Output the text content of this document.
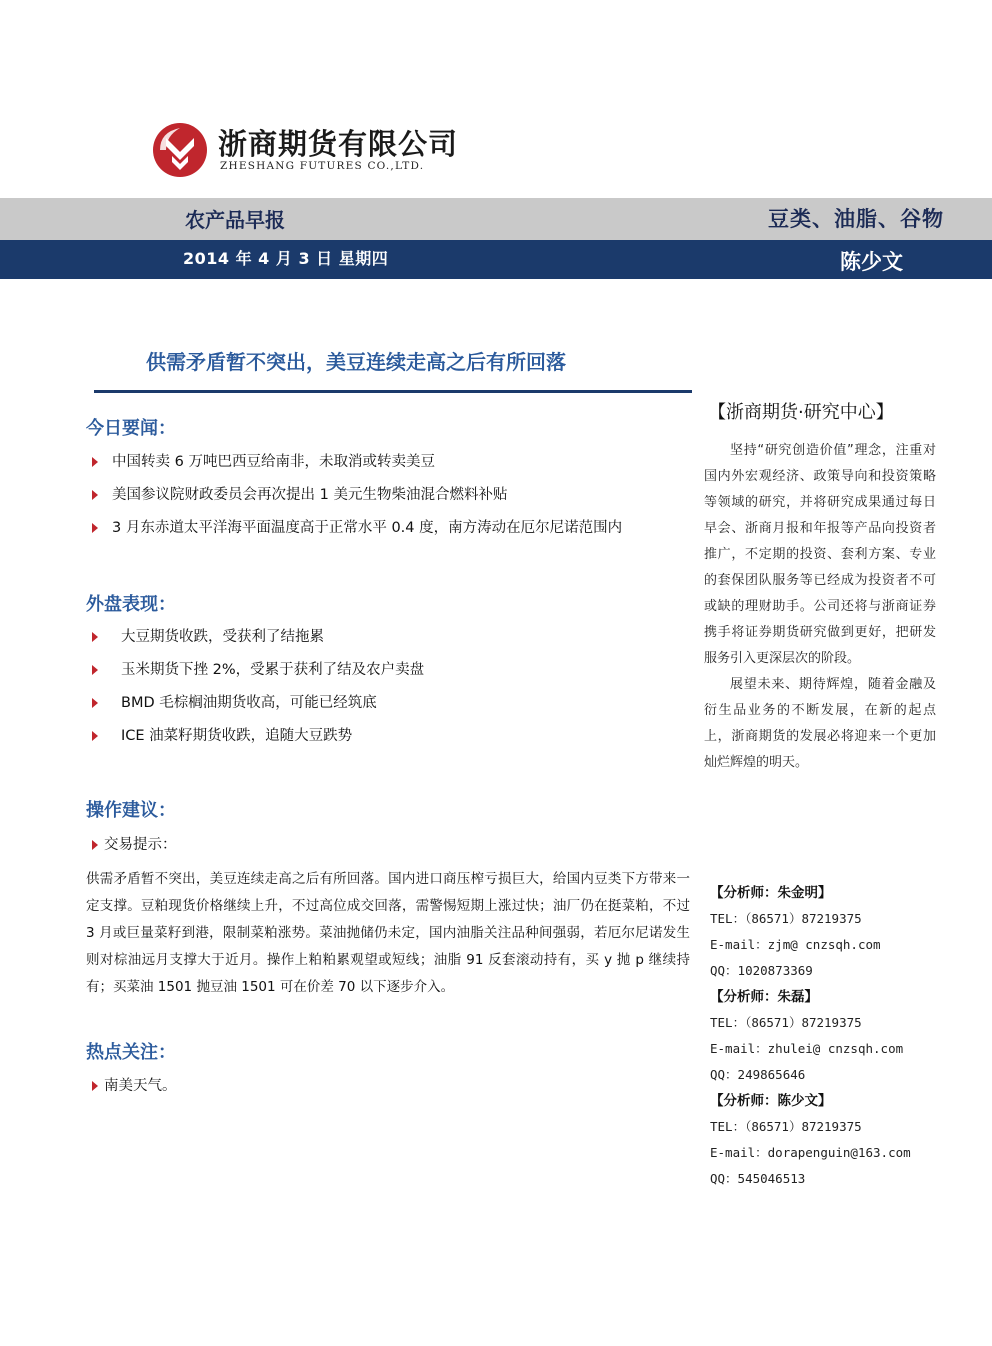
浙商期货有限公司
ZHESHANG FUTURES CO.,LTD.
农产品早报	豆类、油脂、谷物
2014 年 4 月 3 日 星期四	陈少文
供需矛盾暂不突出，美豆连续走高之后有所回落
今日要闻：
中国转卖 6 万吨巴西豆给南非，未取消或转卖美豆
美国参议院财政委员会再次提出 1 美元生物柴油混合燃料补贴
3 月东赤道太平洋海平面温度高于正常水平 0.4 度，南方涛动在厄尔尼诺范围内
外盘表现：
大豆期货收跌，受获利了结拖累
玉米期货下挫 2%，受累于获利了结及农户卖盘
BMD 毛棕榈油期货收高，可能已经筑底
ICE 油菜籽期货收跌，追随大豆跌势
操作建议：
交易提示：
供需矛盾暂不突出，美豆连续走高之后有所回落。国内进口商压榨亏损巨大，给国内豆类下方带来一定支撑。豆粕现货价格继续上升，不过高位成交回落，需警惕短期上涨过快；油厂仍在挺菜粕，不过 3 月或巨量菜籽到港，限制菜粕涨势。菜油抛储仍未定，国内油脂关注品种间强弱，若厄尔尼诺发生则对棕油远月支撑大于近月。操作上粕粕累观望或短线；油脂 91 反套滚动持有，买 y 抛 p 继续持有；买菜油 1501 抛豆油 1501 可在价差 70 以下逐步介入。
热点关注：
南美天气。
【浙商期货·研究中心】

坚持“研究创造价值”理念，注重对国内外宏观经济、政策导向和投资策略等领域的研究，并将研究成果通过每日早会、浙商月报和年报等产品向投资者推广，不定期的投资、套利方案、专业的套保团队服务等已经成为投资者不可或缺的理财助手。公司还将与浙商证券携手将证券期货研究做到更好，把研发服务引入更深层次的阶段。

展望未来、期待辉煌，随着金融及衍生品业务的不断发展，在新的起点上，浙商期货的发展必将迎来一个更加灿烂辉煌的明天。

【分析师：朱金明】
TEL：（86571）87219375
E-mail：zjm@ cnzsqh.com
QQ：1020873369
【分析师：朱磊】
TEL：（86571）87219375
E-mail：zhulei@ cnzsqh.com
QQ：249865646
【分析师：陈少文】
TEL：（86571）87219375
E-mail：dorapenguin@163.com
QQ：545046513
